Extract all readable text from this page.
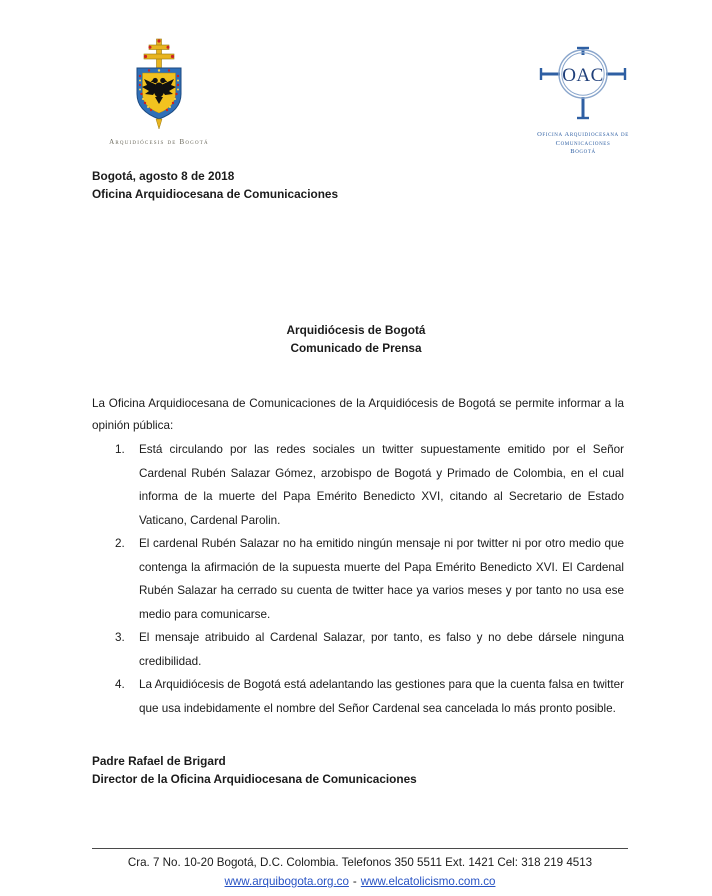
Arquidiócesis de Bogotá
OAC
Oficina Arquidiocesana de
Comunicaciones
Bogotá
Bogotá, agosto 8 de 2018
Oficina Arquidiocesana de Comunicaciones
Arquidiócesis de Bogotá
Comunicado de Prensa

La Oficina Arquidiocesana de Comunicaciones de la Arquidiócesis de Bogotá se permite informar a la opinión pública:

1.	Está circulando por las redes sociales un twitter supuestamente emitido por el Señor Cardenal Rubén Salazar Gómez, arzobispo de Bogotá y Primado de Colombia, en el cual informa de la muerte del Papa Emérito Benedicto XVI, citando al Secretario de Estado Vaticano, Cardenal Parolin.
2.	El cardenal Rubén Salazar no ha emitido ningún mensaje ni por twitter ni por otro medio que contenga la afirmación de la supuesta muerte del Papa Emérito Benedicto XVI. El Cardenal Rubén Salazar ha cerrado su cuenta de twitter hace ya varios meses y por tanto no usa ese medio para comunicarse.
3.	El mensaje atribuido al Cardenal Salazar, por tanto, es falso y no debe dársele ninguna credibilidad.
4.	La Arquidiócesis de Bogotá está adelantando las gestiones para que la cuenta falsa en twitter que usa indebidamente el nombre del Señor Cardenal sea cancelada lo más pronto posible.
Padre Rafael de Brigard
Director de la Oficina Arquidiocesana de Comunicaciones
Cra. 7 No. 10-20 Bogotá, D.C. Colombia. Telefonos 350 5511 Ext. 1421 Cel: 318 219 4513
www.arquibogota.org.co - www.elcatolicismo.com.co
